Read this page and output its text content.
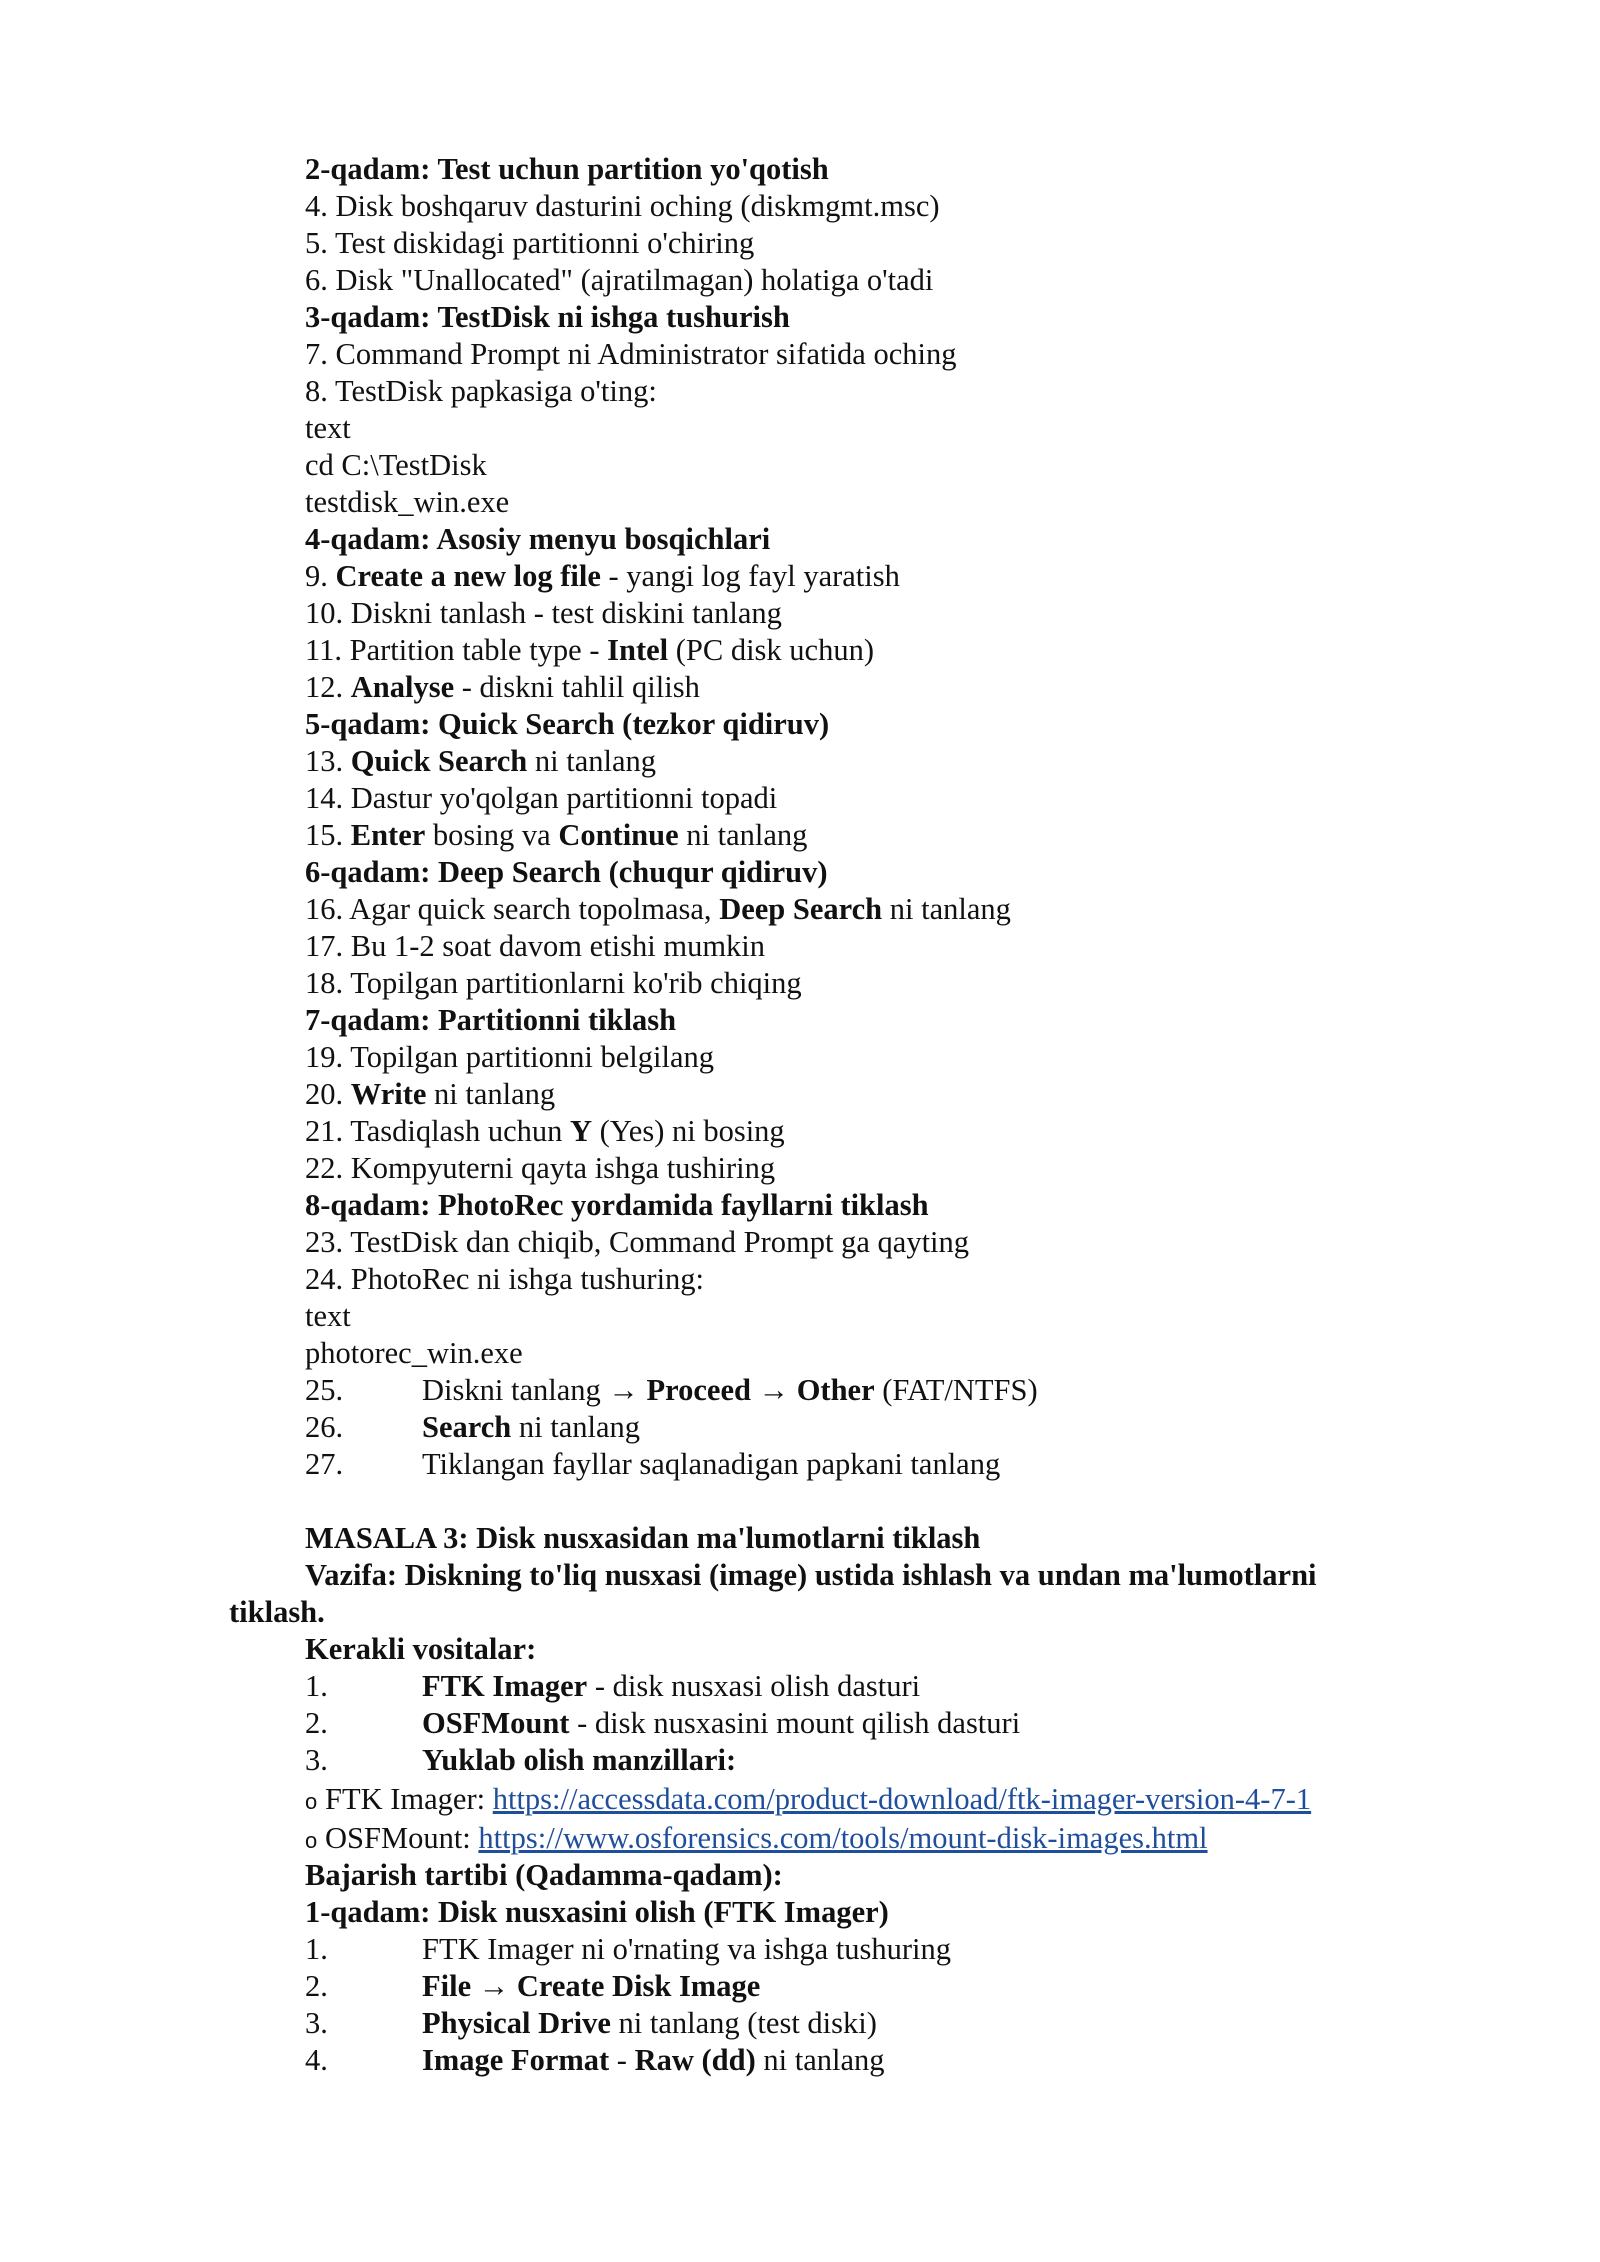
2-qadam: Test uchun partition yo'qotish
4. Disk boshqaruv dasturini oching (diskmgmt.msc)
5. Test diskidagi partitionni o'chiring
6. Disk "Unallocated" (ajratilmagan) holatiga o'tadi
3-qadam: TestDisk ni ishga tushurish
7. Command Prompt ni Administrator sifatida oching
8. TestDisk papkasiga o'ting:
text
cd C:\TestDisk
testdisk_win.exe
4-qadam: Asosiy menyu bosqichlari
9. Create a new log file - yangi log fayl yaratish
10. Diskni tanlash - test diskini tanlang
11. Partition table type - Intel (PC disk uchun)
12. Analyse - diskni tahlil qilish
5-qadam: Quick Search (tezkor qidiruv)
13. Quick Search ni tanlang
14. Dastur yo'qolgan partitionni topadi
15. Enter bosing va Continue ni tanlang
6-qadam: Deep Search (chuqur qidiruv)
16. Agar quick search topolmasa, Deep Search ni tanlang
17. Bu 1-2 soat davom etishi mumkin
18. Topilgan partitionlarni ko'rib chiqing
7-qadam: Partitionni tiklash
19. Topilgan partitionni belgilang
20. Write ni tanlang
21. Tasdiqlash uchun Y (Yes) ni bosing
22. Kompyuterni qayta ishga tushiring
8-qadam: PhotoRec yordamida fayllarni tiklash
23. TestDisk dan chiqib, Command Prompt ga qayting
24. PhotoRec ni ishga tushuring:
text
photorec_win.exe
25.	Diskni tanlang → Proceed → Other (FAT/NTFS)
26.	Search ni tanlang
27.	Tiklangan fayllar saqlanadigan papkani tanlang
MASALA 3: Disk nusxasidan ma'lumotlarni tiklash
Vazifa: Diskning to'liq nusxasi (image) ustida ishlash va undan ma'lumotlarni tiklash.
Kerakli vositalar:
1.	FTK Imager - disk nusxasi olish dasturi
2.	OSFMount - disk nusxasini mount qilish dasturi
3.	Yuklab olish manzillari:
o FTK Imager:
https://accessdata.com/product-download/ftk-imager-version-4-7-1
o OSFMount:
https://www.osforensics.com/tools/mount-disk-images.html
Bajarish tartibi (Qadamma-qadam):
1-qadam: Disk nusxasini olish (FTK Imager)
1.	FTK Imager ni o'rnating va ishga tushuring
2.	File → Create Disk Image
3.	Physical Drive ni tanlang (test diski)
4.	Image Format - Raw (dd) ni tanlang
